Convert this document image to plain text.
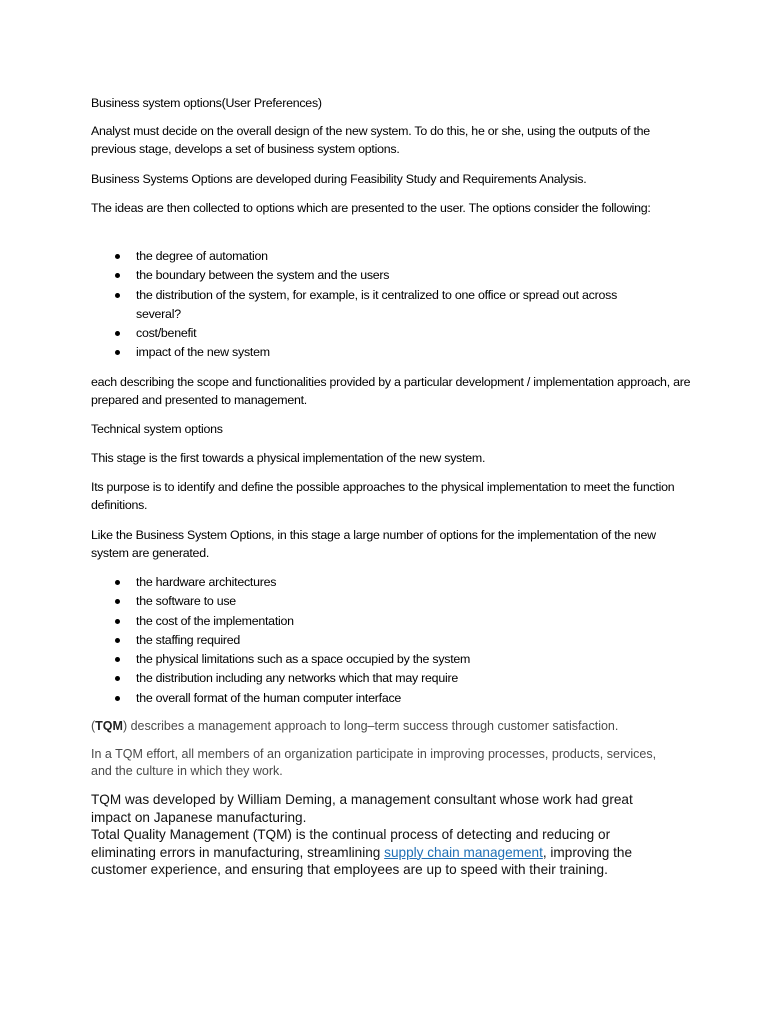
Business system options(User Preferences)

Analyst must decide on the overall design of the new system. To do this, he or she, using the outputs of the previous stage, develops a set of business system options.

Business Systems Options are developed during Feasibility Study and Requirements Analysis.

The ideas are then collected to options which are presented to the user. The options consider the following:

the degree of automation
the boundary between the system and the users
the distribution of the system, for example, is it centralized to one office or spread out across several?
cost/benefit
impact of the new system

each describing the scope and functionalities provided by a particular development / implementation approach, are prepared and presented to management.

Technical system options

This stage is the first towards a physical implementation of the new system.

Its purpose is to identify and define the possible approaches to the physical implementation to meet the function definitions.

Like the Business System Options, in this stage a large number of options for the implementation of the new system are generated.

the hardware architectures
the software to use
the cost of the implementation
the staffing required
the physical limitations such as a space occupied by the system
the distribution including any networks which that may require
the overall format of the human computer interface

(TQM) describes a management approach to long–term success through customer satisfaction.

In a TQM effort, all members of an organization participate in improving processes, products, services, and the culture in which they work.

TQM was developed by William Deming, a management consultant whose work had great impact on Japanese manufacturing.

Total Quality Management (TQM) is the continual process of detecting and reducing or eliminating errors in manufacturing, streamlining supply chain management, improving the customer experience, and ensuring that employees are up to speed with their training.
